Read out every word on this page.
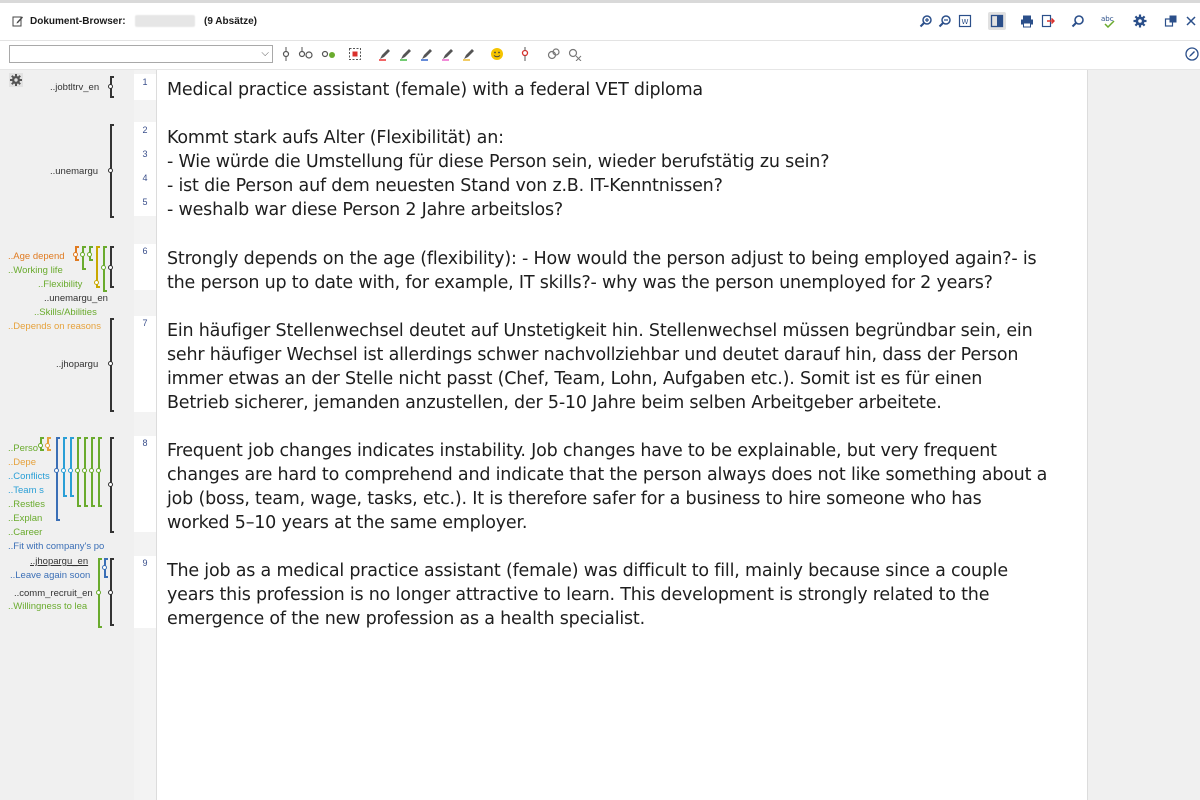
Dokument-Browser:	(9 Absätze)	W	abc
⌵
..jobtltrv_en
..unemargu
..Age depend
..Working life
..Flexibility
..unemargu_en
..Skills/Abilities
..Depends on reasons
..jhopargu
..Perso
..Depe
..Conflicts
..Team s
..Restles
..Explan
..Career
..Fit with company's po
..jhopargu_en
..Leave again soon
..comm_recruit_en
..Willingness to lea
1
2
3
4
5
6
7
8
9
Medical practice assistant (female) with a federal VET diploma
Kommt stark aufs Alter (Flexibilität) an:
- Wie würde die Umstellung für diese Person sein, wieder berufstätig zu sein?
- ist die Person auf dem neuesten Stand von z.B. IT-Kenntnissen?
- weshalb war diese Person 2 Jahre arbeitslos?
Strongly depends on the age (flexibility): - How would the person adjust to being employed again?- is
the person up to date with, for example, IT skills?- why was the person unemployed for 2 years?
Ein häufiger Stellenwechsel deutet auf Unstetigkeit hin. Stellenwechsel müssen begründbar sein, ein
sehr häufiger Wechsel ist allerdings schwer nachvollziehbar und deutet darauf hin, dass der Person
immer etwas an der Stelle nicht passt (Chef, Team, Lohn, Aufgaben etc.). Somit ist es für einen
Betrieb sicherer, jemanden anzustellen, der 5-10 Jahre beim selben Arbeitgeber arbeitete.
Frequent job changes indicates instability. Job changes have to be explainable, but very frequent
changes are hard to comprehend and indicate that the person always does not like something about a
job (boss, team, wage, tasks, etc.). It is therefore safer for a business to hire someone who has
worked 5–10 years at the same employer.
The job as a medical practice assistant (female) was difficult to fill, mainly because since a couple
years this profession is no longer attractive to learn. This development is strongly related to the
emergence of the new profession as a health specialist.
